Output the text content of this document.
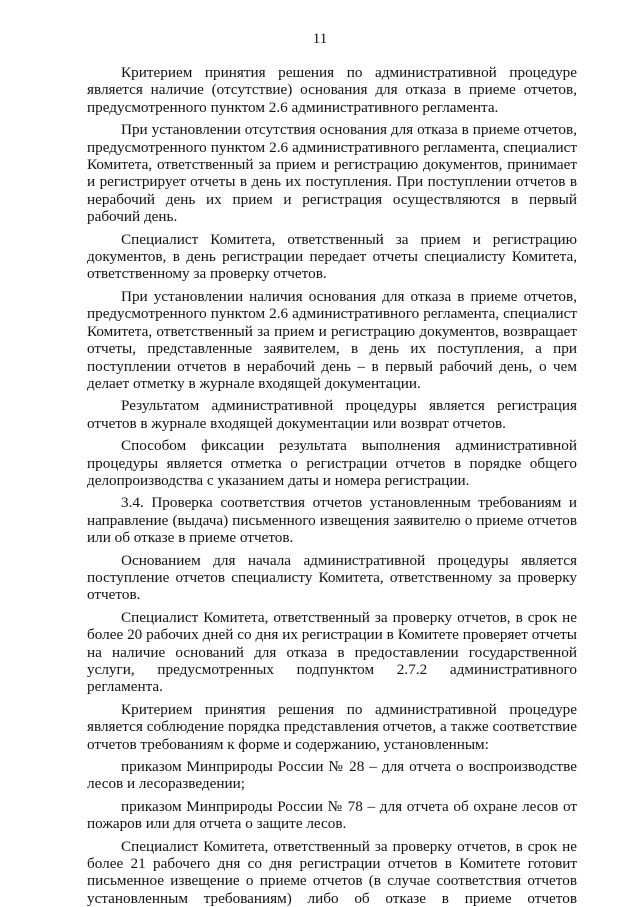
11

Критерием принятия решения по административной процедуре является наличие (отсутствие) основания для отказа в приеме отчетов, предусмотренного пунктом 2.6 административного регламента.

При установлении отсутствия основания для отказа в приеме отчетов, предусмотренного пунктом 2.6 административного регламента, специалист Комитета, ответственный за прием и регистрацию документов, принимает и регистрирует отчеты в день их поступления. При поступлении отчетов в нерабочий день их прием и регистрация осуществляются в первый рабочий день.

Специалист Комитета, ответственный за прием и регистрацию документов, в день регистрации передает отчеты специалисту Комитета, ответственному за проверку отчетов.

При установлении наличия основания для отказа в приеме отчетов, предусмотренного пунктом 2.6 административного регламента, специалист Комитета, ответственный за прием и регистрацию документов, возвращает отчеты, представленные заявителем, в день их поступления, а при поступлении отчетов в нерабочий день – в первый рабочий день, о чем делает отметку в журнале входящей документации.

Результатом административной процедуры является регистрация отчетов в журнале входящей документации или возврат отчетов.

Способом фиксации результата выполнения административной процедуры является отметка о регистрации отчетов в порядке общего делопроизводства с указанием даты и номера регистрации.

3.4. Проверка соответствия отчетов установленным требованиям и направление (выдача) письменного извещения заявителю о приеме отчетов или об отказе в приеме отчетов.

Основанием для начала административной процедуры является поступление отчетов специалисту Комитета, ответственному за проверку отчетов.

Специалист Комитета, ответственный за проверку отчетов, в срок не более 20 рабочих дней со дня их регистрации в Комитете проверяет отчеты на наличие оснований для отказа в предоставлении государственной услуги, предусмотренных подпунктом 2.7.2 административного регламента.

Критерием принятия решения по административной процедуре является соблюдение порядка представления отчетов, а также соответствие отчетов требованиям к форме и содержанию, установленным:

приказом Минприроды России № 28 – для отчета о воспроизводстве лесов и лесоразведении;

приказом Минприроды России № 78 – для отчета об охране лесов от пожаров или для отчета о защите лесов.

Специалист Комитета, ответственный за проверку отчетов, в срок не более 21 рабочего дня со дня регистрации отчетов в Комитете готовит письменное извещение о приеме отчетов (в случае соответствия отчетов установленным требованиям) либо об отказе в приеме отчетов
